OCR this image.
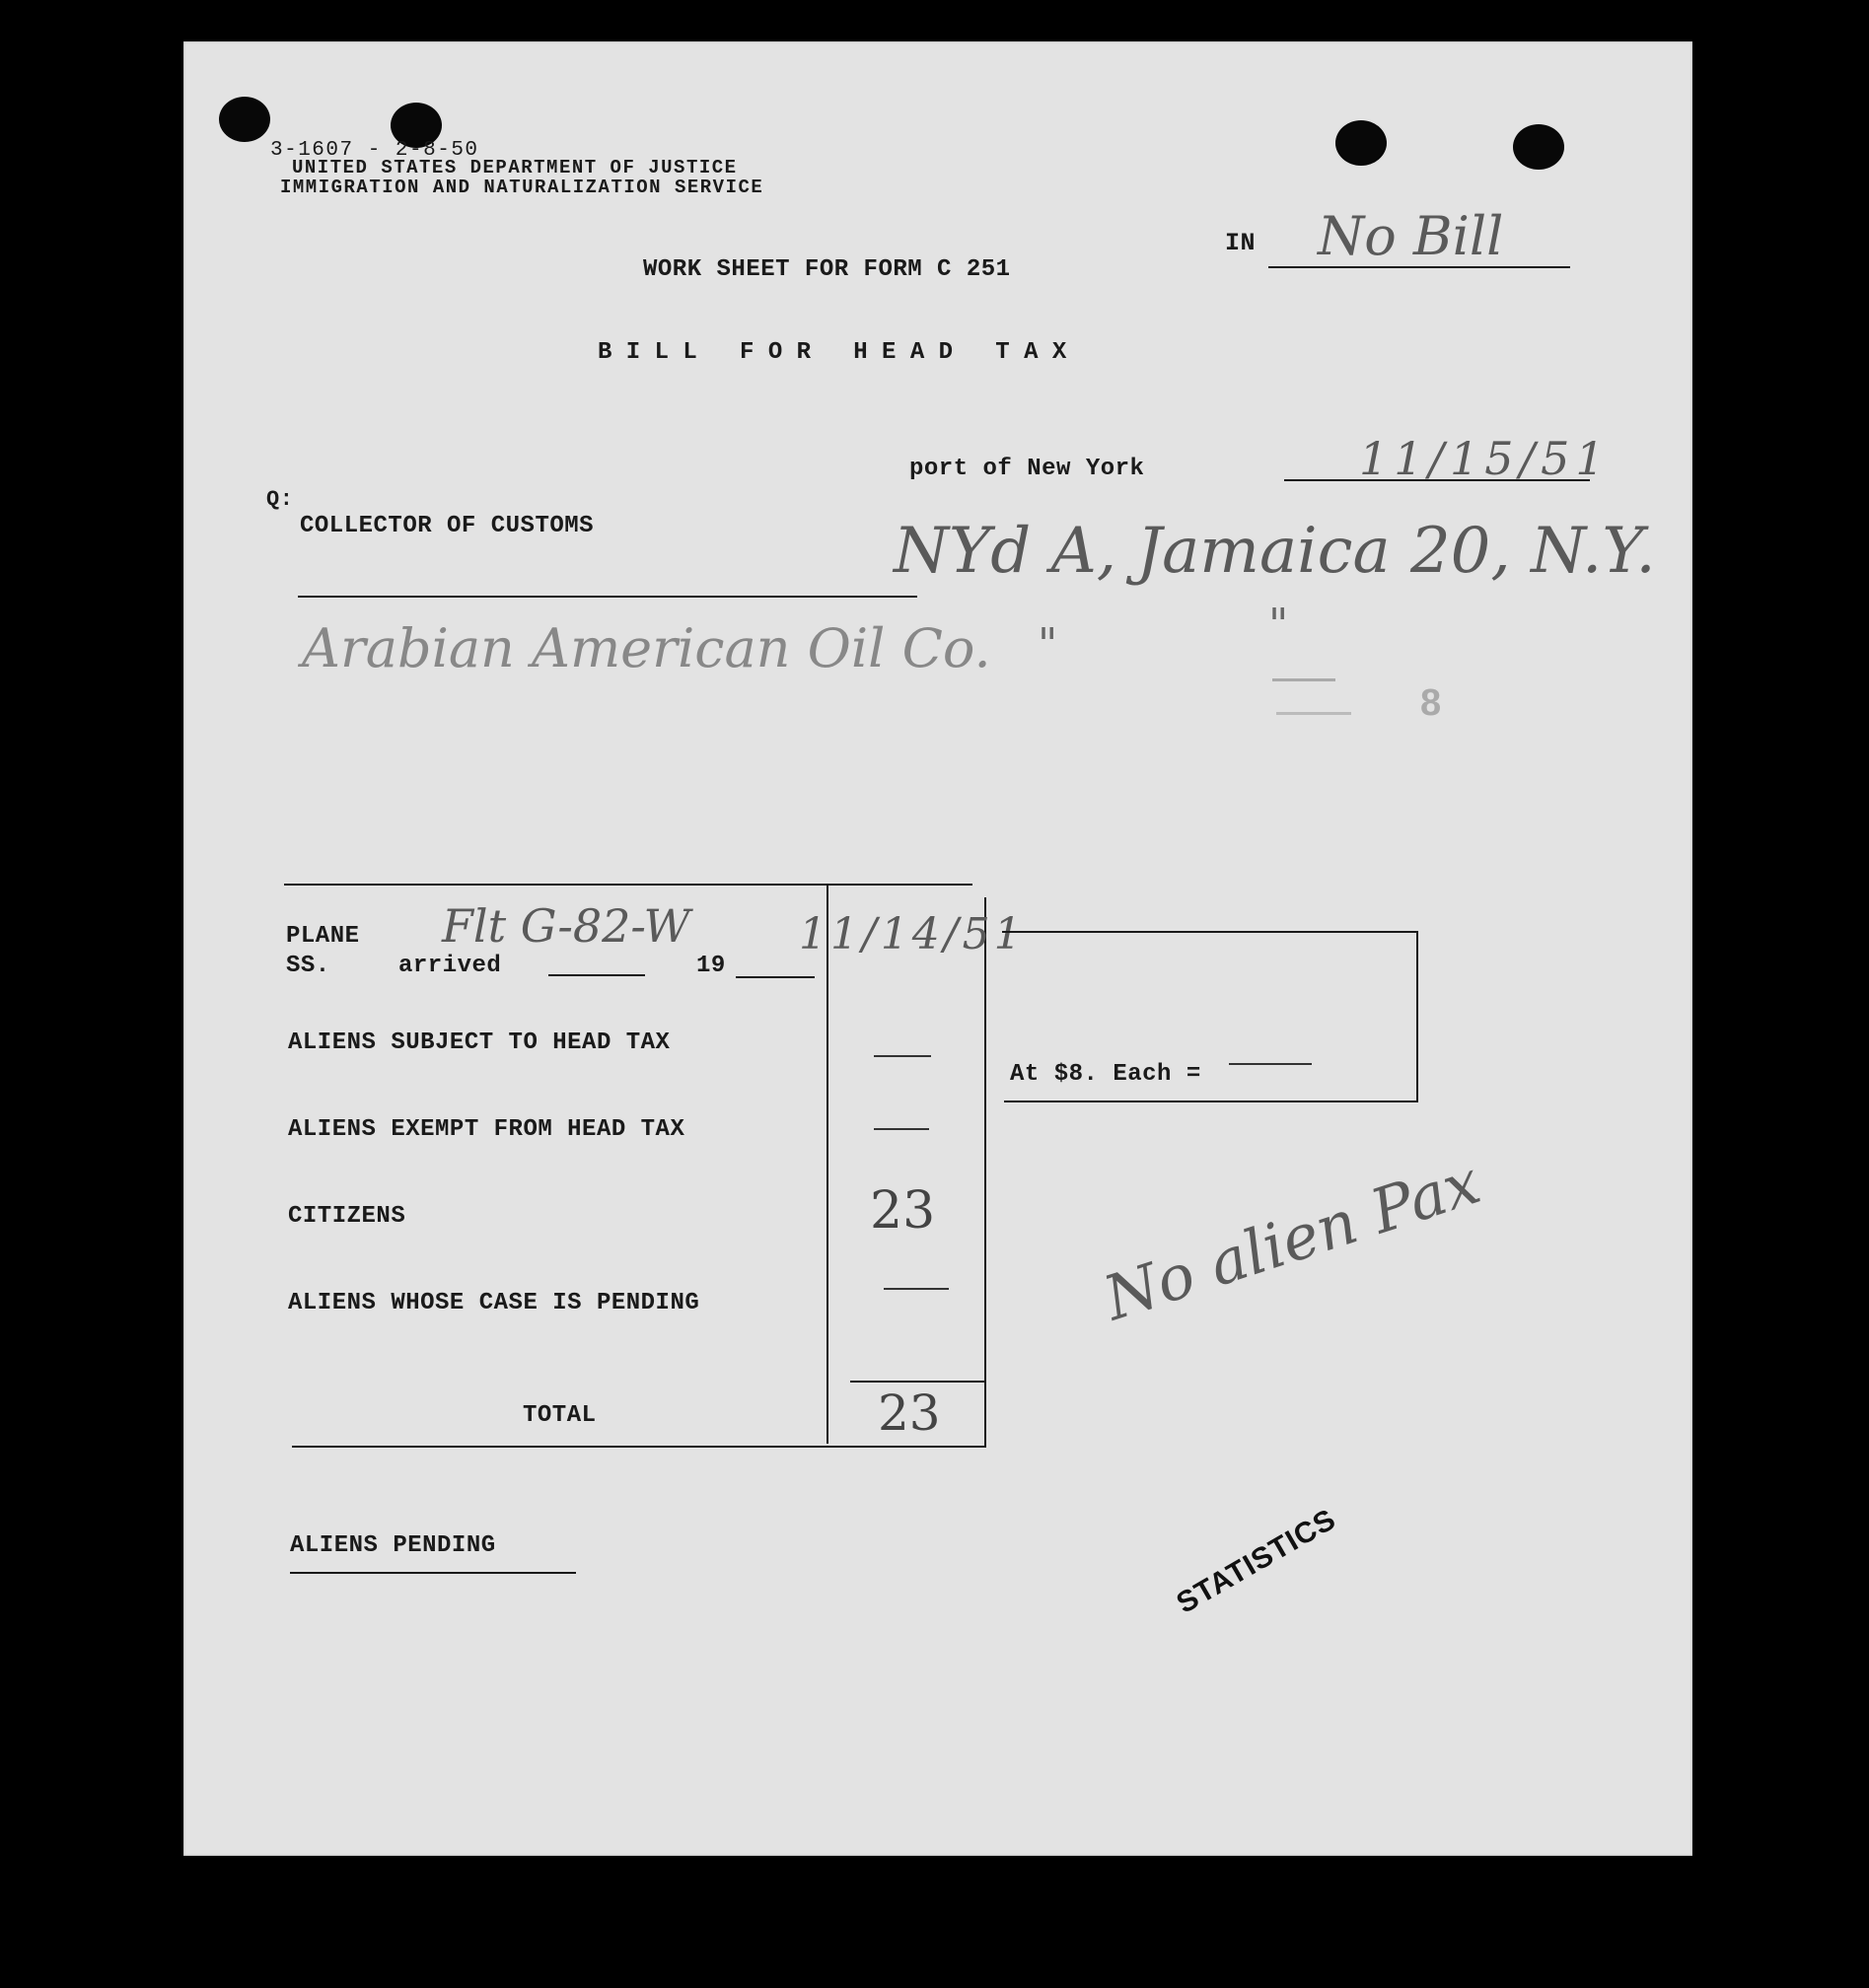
3-1607 - 2-8-50
UNITED STATES DEPARTMENT OF JUSTICE
IMMIGRATION AND NATURALIZATION SERVICE
IN No Bill
WORK SHEET FOR FORM C 251
B I L L   F O R   H E A D   T A X
port of New York	11/15/51
Q:
COLLECTOR OF CUSTOMS	NYd A, Jamaica 20, N.Y.
Arabian American Oil Co. "	"
8
PLANE
SS.	arrived	19
Flt G-82-W	11/14/51
ALIENS SUBJECT TO HEAD TAX
ALIENS EXEMPT FROM HEAD TAX
CITIZENS	23
ALIENS WHOSE CASE IS PENDING
TOTAL	23
At $8. Each =
ALIENS PENDING
No alien Pax
STATISTICS
